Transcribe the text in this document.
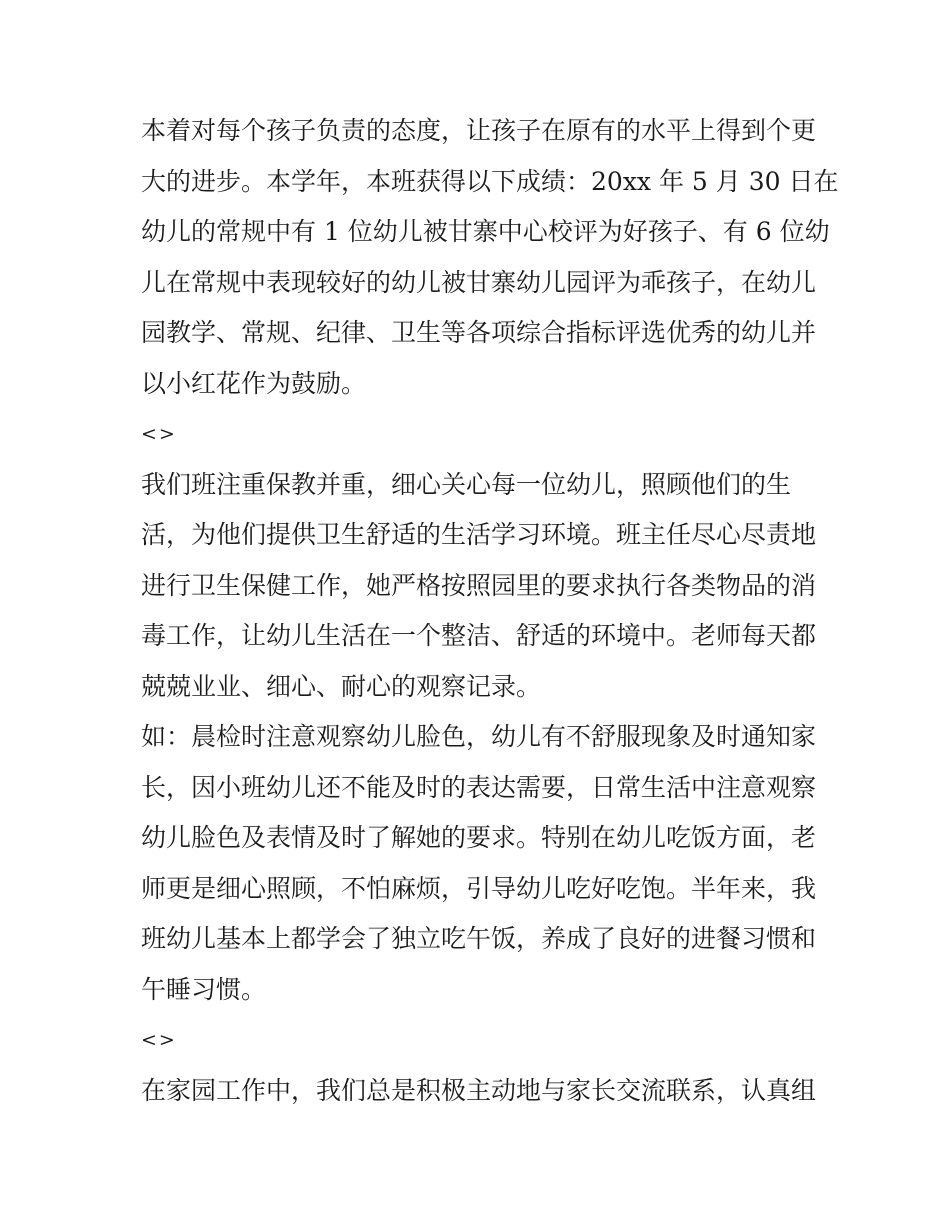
本着对每个孩子负责的态度，让孩子在原有的水平上得到个更
大的进步。本学年，本班获得以下成绩：20xx 年 5 月 30 日在
幼儿的常规中有 1 位幼儿被甘寨中心校评为好孩子、有 6 位幼
儿在常规中表现较好的幼儿被甘寨幼儿园评为乖孩子，在幼儿
园教学、常规、纪律、卫生等各项综合指标评选优秀的幼儿并
以小红花作为鼓励。
<>
我们班注重保教并重，细心关心每一位幼儿，照顾他们的生
活，为他们提供卫生舒适的生活学习环境。班主任尽心尽责地
进行卫生保健工作，她严格按照园里的要求执行各类物品的消
毒工作，让幼儿生活在一个整洁、舒适的环境中。老师每天都
兢兢业业、细心、耐心的观察记录。
如：晨检时注意观察幼儿脸色，幼儿有不舒服现象及时通知家
长，因小班幼儿还不能及时的表达需要，日常生活中注意观察
幼儿脸色及表情及时了解她的要求。特别在幼儿吃饭方面，老
师更是细心照顾，不怕麻烦，引导幼儿吃好吃饱。半年来，我
班幼儿基本上都学会了独立吃午饭，养成了良好的进餐习惯和
午睡习惯。
<>
在家园工作中，我们总是积极主动地与家长交流联系，认真组
